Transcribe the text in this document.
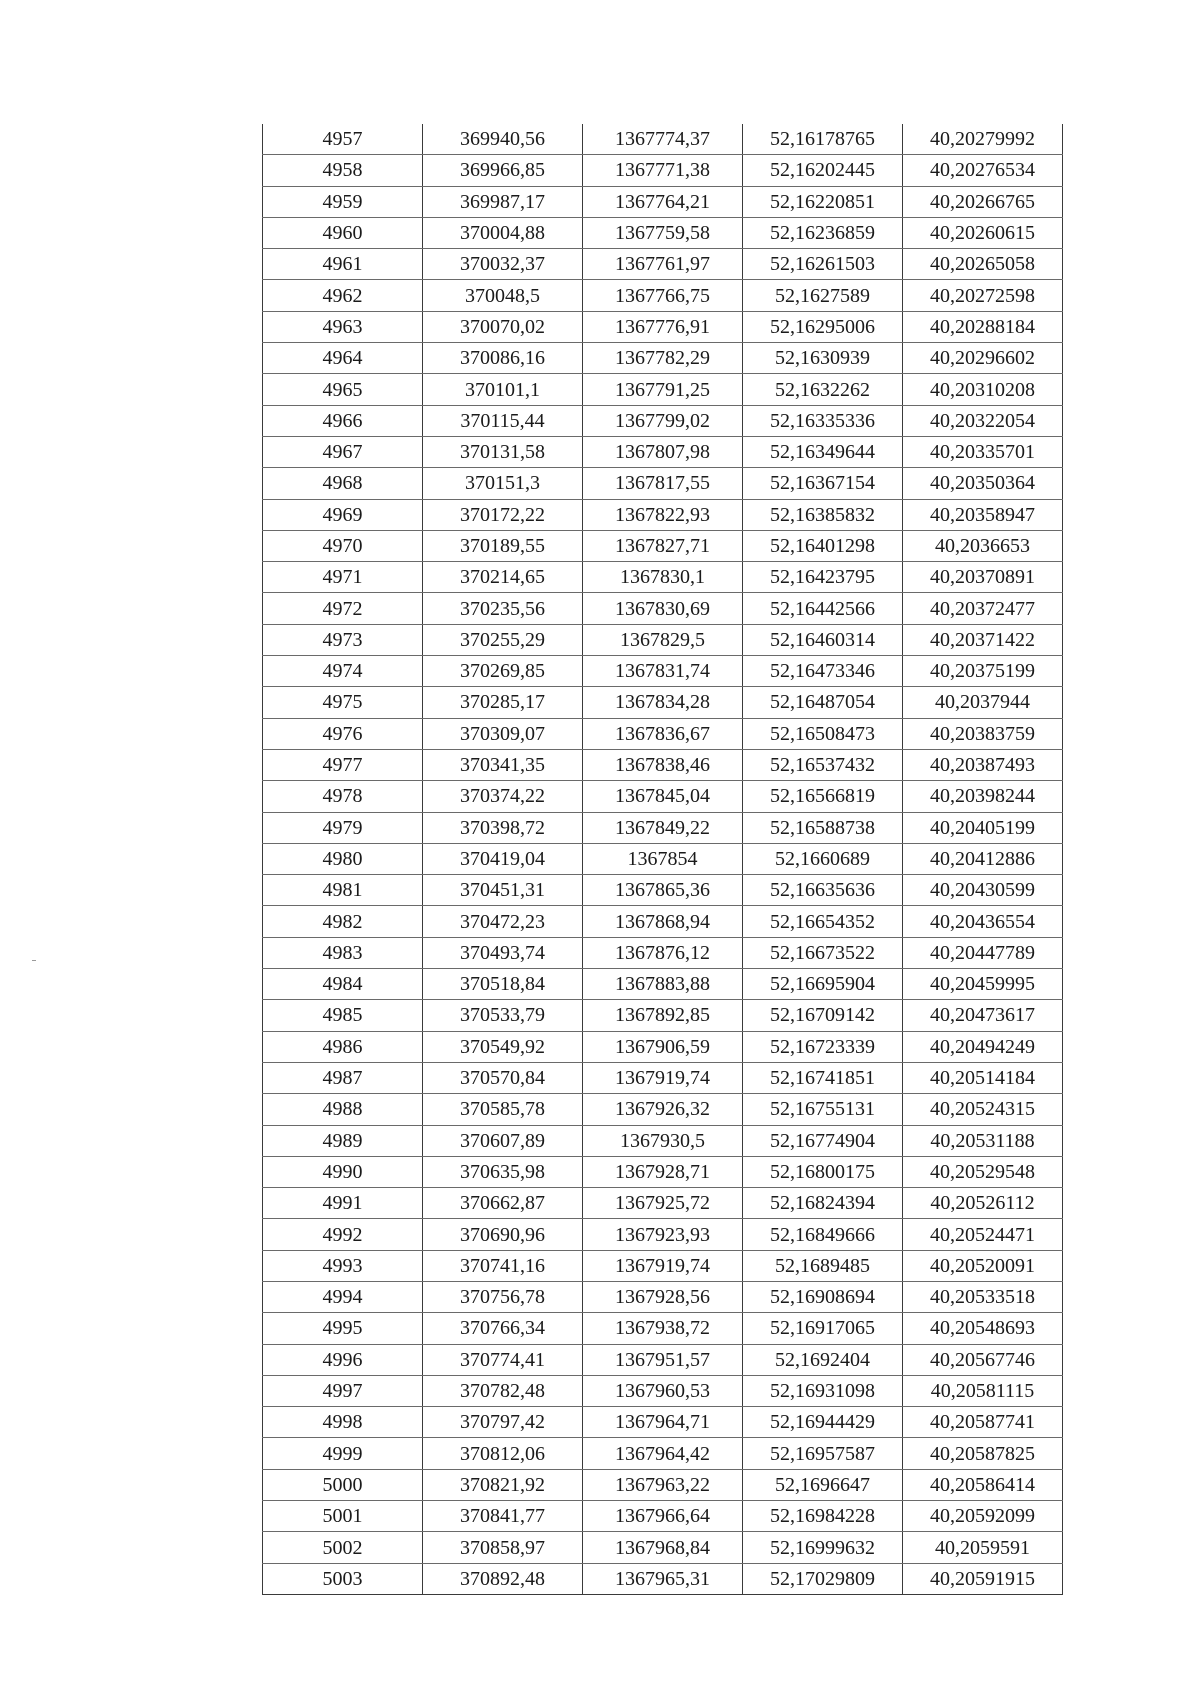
4957	369940,56	1367774,37	52,16178765	40,20279992
4958	369966,85	1367771,38	52,16202445	40,20276534
4959	369987,17	1367764,21	52,16220851	40,20266765
4960	370004,88	1367759,58	52,16236859	40,20260615
4961	370032,37	1367761,97	52,16261503	40,20265058
4962	370048,5	1367766,75	52,1627589	40,20272598
4963	370070,02	1367776,91	52,16295006	40,20288184
4964	370086,16	1367782,29	52,1630939	40,20296602
4965	370101,1	1367791,25	52,1632262	40,20310208
4966	370115,44	1367799,02	52,16335336	40,20322054
4967	370131,58	1367807,98	52,16349644	40,20335701
4968	370151,3	1367817,55	52,16367154	40,20350364
4969	370172,22	1367822,93	52,16385832	40,20358947
4970	370189,55	1367827,71	52,16401298	40,2036653
4971	370214,65	1367830,1	52,16423795	40,20370891
4972	370235,56	1367830,69	52,16442566	40,20372477
4973	370255,29	1367829,5	52,16460314	40,20371422
4974	370269,85	1367831,74	52,16473346	40,20375199
4975	370285,17	1367834,28	52,16487054	40,2037944
4976	370309,07	1367836,67	52,16508473	40,20383759
4977	370341,35	1367838,46	52,16537432	40,20387493
4978	370374,22	1367845,04	52,16566819	40,20398244
4979	370398,72	1367849,22	52,16588738	40,20405199
4980	370419,04	1367854	52,1660689	40,20412886
4981	370451,31	1367865,36	52,16635636	40,20430599
4982	370472,23	1367868,94	52,16654352	40,20436554
4983	370493,74	1367876,12	52,16673522	40,20447789
4984	370518,84	1367883,88	52,16695904	40,20459995
4985	370533,79	1367892,85	52,16709142	40,20473617
4986	370549,92	1367906,59	52,16723339	40,20494249
4987	370570,84	1367919,74	52,16741851	40,20514184
4988	370585,78	1367926,32	52,16755131	40,20524315
4989	370607,89	1367930,5	52,16774904	40,20531188
4990	370635,98	1367928,71	52,16800175	40,20529548
4991	370662,87	1367925,72	52,16824394	40,20526112
4992	370690,96	1367923,93	52,16849666	40,20524471
4993	370741,16	1367919,74	52,1689485	40,20520091
4994	370756,78	1367928,56	52,16908694	40,20533518
4995	370766,34	1367938,72	52,16917065	40,20548693
4996	370774,41	1367951,57	52,1692404	40,20567746
4997	370782,48	1367960,53	52,16931098	40,20581115
4998	370797,42	1367964,71	52,16944429	40,20587741
4999	370812,06	1367964,42	52,16957587	40,20587825
5000	370821,92	1367963,22	52,1696647	40,20586414
5001	370841,77	1367966,64	52,16984228	40,20592099
5002	370858,97	1367968,84	52,16999632	40,2059591
5003	370892,48	1367965,31	52,17029809	40,20591915
